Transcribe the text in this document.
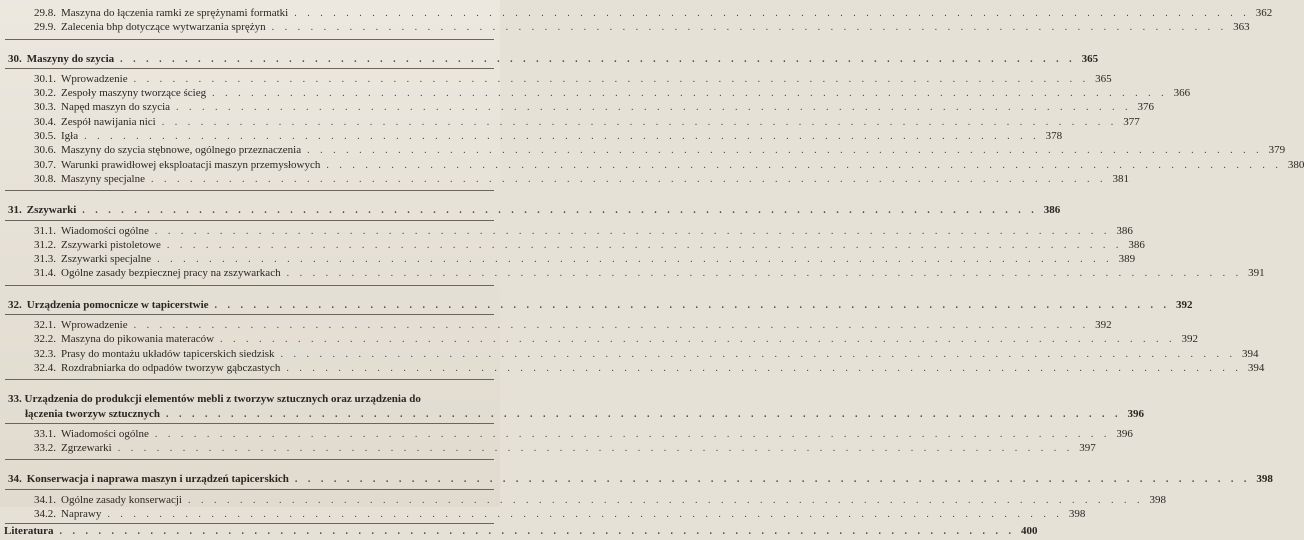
29.8. Maszyna do łączenia ramki ze sprężynami formatki . . . . . . . . . . . . . . . . . . . . . . . . . . . . . . . . . . . . . . . . . . . . . . . . . . . . . . . . . . . . . . . . . . . . . . . . . . 362
29.9. Zalecenia bhp dotyczące wytwarzania sprężyn . . . . . . . . . . . . . . . . . . . . . . . . . . . . . . . . . . . . . . . . . . . . . . . . . . . . . . . . . . . . . . . . . . . . . . . . . . 363
30. Maszyny do szycia . . . . . . . . . . . . . . . . . . . . . . . . . . . . . . . . . . . . . . . . . . . . . . . . . . . . . . . . . . . . . . . . . . . . . . . . . . 365
30.1. Wprowadzenie . . . . . . . . . . . . . . . . . . . . . . . . . . . . . . . . . . . . . . . . . . . . . . . . . . . . . . . . . . . . . . . . . . . . . . . . . . 365
30.2. Zespoły maszyny tworzące ścieg . . . . . . . . . . . . . . . . . . . . . . . . . . . . . . . . . . . . . . . . . . . . . . . . . . . . . . . . . . . . . . . . . . . . . . . . . . 366
30.3. Napęd maszyn do szycia . . . . . . . . . . . . . . . . . . . . . . . . . . . . . . . . . . . . . . . . . . . . . . . . . . . . . . . . . . . . . . . . . . . . . . . . . . 376
30.4. Zespół nawijania nici . . . . . . . . . . . . . . . . . . . . . . . . . . . . . . . . . . . . . . . . . . . . . . . . . . . . . . . . . . . . . . . . . . . . . . . . . . 377
30.5. Igła . . . . . . . . . . . . . . . . . . . . . . . . . . . . . . . . . . . . . . . . . . . . . . . . . . . . . . . . . . . . . . . . . . . . . . . . . . 378
30.6. Maszyny do szycia stębnowe, ogólnego przeznaczenia . . . . . . . . . . . . . . . . . . . . . . . . . . . . . . . . . . . . . . . . . . . . . . . . . . . . . . . . . . . . . . . . . . . . . . . . . . 379
30.7. Warunki prawidłowej eksploatacji maszyn przemysłowych . . . . . . . . . . . . . . . . . . . . . . . . . . . . . . . . . . . . . . . . . . . . . . . . . . . . . . . . . . . . . . . . . . . . . . . . . . 380
30.8. Maszyny specjalne . . . . . . . . . . . . . . . . . . . . . . . . . . . . . . . . . . . . . . . . . . . . . . . . . . . . . . . . . . . . . . . . . . . . . . . . . . 381
31. Zszywarki . . . . . . . . . . . . . . . . . . . . . . . . . . . . . . . . . . . . . . . . . . . . . . . . . . . . . . . . . . . . . . . . . . . . . . . . . . 386
31.1. Wiadomości ogólne . . . . . . . . . . . . . . . . . . . . . . . . . . . . . . . . . . . . . . . . . . . . . . . . . . . . . . . . . . . . . . . . . . . . . . . . . . 386
31.2. Zszywarki pistoletowe . . . . . . . . . . . . . . . . . . . . . . . . . . . . . . . . . . . . . . . . . . . . . . . . . . . . . . . . . . . . . . . . . . . . . . . . . . 386
31.3. Zszywarki specjalne . . . . . . . . . . . . . . . . . . . . . . . . . . . . . . . . . . . . . . . . . . . . . . . . . . . . . . . . . . . . . . . . . . . . . . . . . . 389
31.4. Ogólne zasady bezpiecznej pracy na zszywarkach . . . . . . . . . . . . . . . . . . . . . . . . . . . . . . . . . . . . . . . . . . . . . . . . . . . . . . . . . . . . . . . . . . . . . . . . . . 391
32. Urządzenia pomocnicze w tapicerstwie . . . . . . . . . . . . . . . . . . . . . . . . . . . . . . . . . . . . . . . . . . . . . . . . . . . . . . . . . . . . . . . . . . . . . . . . . . 392
32.1. Wprowadzenie . . . . . . . . . . . . . . . . . . . . . . . . . . . . . . . . . . . . . . . . . . . . . . . . . . . . . . . . . . . . . . . . . . . . . . . . . . 392
32.2. Maszyna do pikowania materaców . . . . . . . . . . . . . . . . . . . . . . . . . . . . . . . . . . . . . . . . . . . . . . . . . . . . . . . . . . . . . . . . . . . . . . . . . . 392
32.3. Prasy do montażu układów tapicerskich siedzisk . . . . . . . . . . . . . . . . . . . . . . . . . . . . . . . . . . . . . . . . . . . . . . . . . . . . . . . . . . . . . . . . . . . . . . . . . . 394
32.4. Rozdrabniarka do odpadów tworzyw gąbczastych . . . . . . . . . . . . . . . . . . . . . . . . . . . . . . . . . . . . . . . . . . . . . . . . . . . . . . . . . . . . . . . . . . . . . . . . . . 394
33. Urządzenia do produkcji elementów mebli z tworzyw sztucznych oraz urządzenia do
łączenia tworzyw sztucznych . . . . . . . . . . . . . . . . . . . . . . . . . . . . . . . . . . . . . . . . . . . . . . . . . . . . . . . . . . . . . . . . . . . . . . . . . . 396
33.1. Wiadomości ogólne . . . . . . . . . . . . . . . . . . . . . . . . . . . . . . . . . . . . . . . . . . . . . . . . . . . . . . . . . . . . . . . . . . . . . . . . . . 396
33.2. Zgrzewarki . . . . . . . . . . . . . . . . . . . . . . . . . . . . . . . . . . . . . . . . . . . . . . . . . . . . . . . . . . . . . . . . . . . . . . . . . . 397
34. Konserwacja i naprawa maszyn i urządzeń tapicerskich . . . . . . . . . . . . . . . . . . . . . . . . . . . . . . . . . . . . . . . . . . . . . . . . . . . . . . . . . . . . . . . . . . . . . . . . . . 398
34.1. Ogólne zasady konserwacji . . . . . . . . . . . . . . . . . . . . . . . . . . . . . . . . . . . . . . . . . . . . . . . . . . . . . . . . . . . . . . . . . . . . . . . . . . 398
34.2. Naprawy . . . . . . . . . . . . . . . . . . . . . . . . . . . . . . . . . . . . . . . . . . . . . . . . . . . . . . . . . . . . . . . . . . . . . . . . . . 398
Literatura . . . . . . . . . . . . . . . . . . . . . . . . . . . . . . . . . . . . . . . . . . . . . . . . . . . . . . . . . . . . . . . . . . . . . . . . . . 400
